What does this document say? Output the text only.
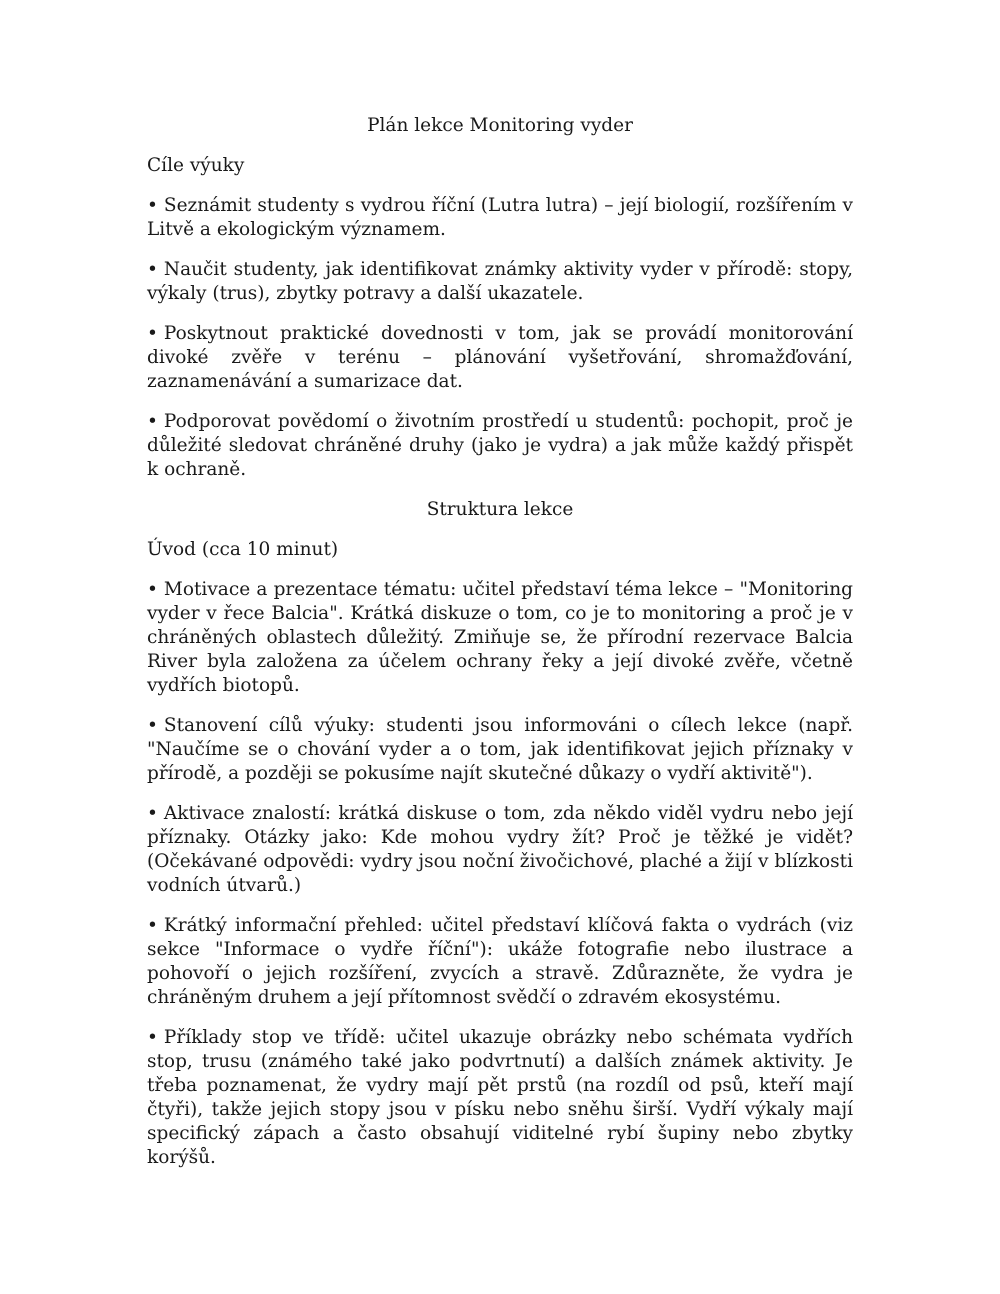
Plán lekce Monitoring vyder
Cíle výuky
• Seznámit studenty s vydrou říční (Lutra lutra) – její biologií, rozšířením v Litvě a ekologickým významem.
• Naučit studenty, jak identifikovat známky aktivity vyder v přírodě: stopy, výkaly (trus), zbytky potravy a další ukazatele.
• Poskytnout praktické dovednosti v tom, jak se provádí monitorování divoké zvěře v terénu – plánování vyšetřování, shromažďování, zaznamenávání a sumarizace dat.
• Podporovat povědomí o životním prostředí u studentů: pochopit, proč je důležité sledovat chráněné druhy (jako je vydra) a jak může každý přispět k ochraně.
Struktura lekce
Úvod (cca 10 minut)
• Motivace a prezentace tématu: učitel představí téma lekce – "Monitoring vyder v řece Balcia". Krátká diskuze o tom, co je to monitoring a proč je v chráněných oblastech důležitý. Zmiňuje se, že přírodní rezervace Balcia River byla založena za účelem ochrany řeky a její divoké zvěře, včetně vydřích biotopů.
• Stanovení cílů výuky: studenti jsou informováni o cílech lekce (např. "Naučíme se o chování vyder a o tom, jak identifikovat jejich příznaky v přírodě, a později se pokusíme najít skutečné důkazy o vydří aktivitě").
• Aktivace znalostí: krátká diskuse o tom, zda někdo viděl vydru nebo její příznaky. Otázky jako: Kde mohou vydry žít? Proč je těžké je vidět? (Očekávané odpovědi: vydry jsou noční živočichové, plaché a žijí v blízkosti vodních útvarů.)
• Krátký informační přehled: učitel představí klíčová fakta o vydrách (viz sekce "Informace o vydře říční"): ukáže fotografie nebo ilustrace a pohovoří o jejich rozšíření, zvycích a stravě. Zdůrazněte, že vydra je chráněným druhem a její přítomnost svědčí o zdravém ekosystému.
• Příklady stop ve třídě: učitel ukazuje obrázky nebo schémata vydřích stop, trusu (známého také jako podvrtnutí) a dalších známek aktivity. Je třeba poznamenat, že vydry mají pět prstů (na rozdíl od psů, kteří mají čtyři), takže jejich stopy jsou v písku nebo sněhu širší. Vydří výkaly mají specifický zápach a často obsahují viditelné rybí šupiny nebo zbytky korýšů.
